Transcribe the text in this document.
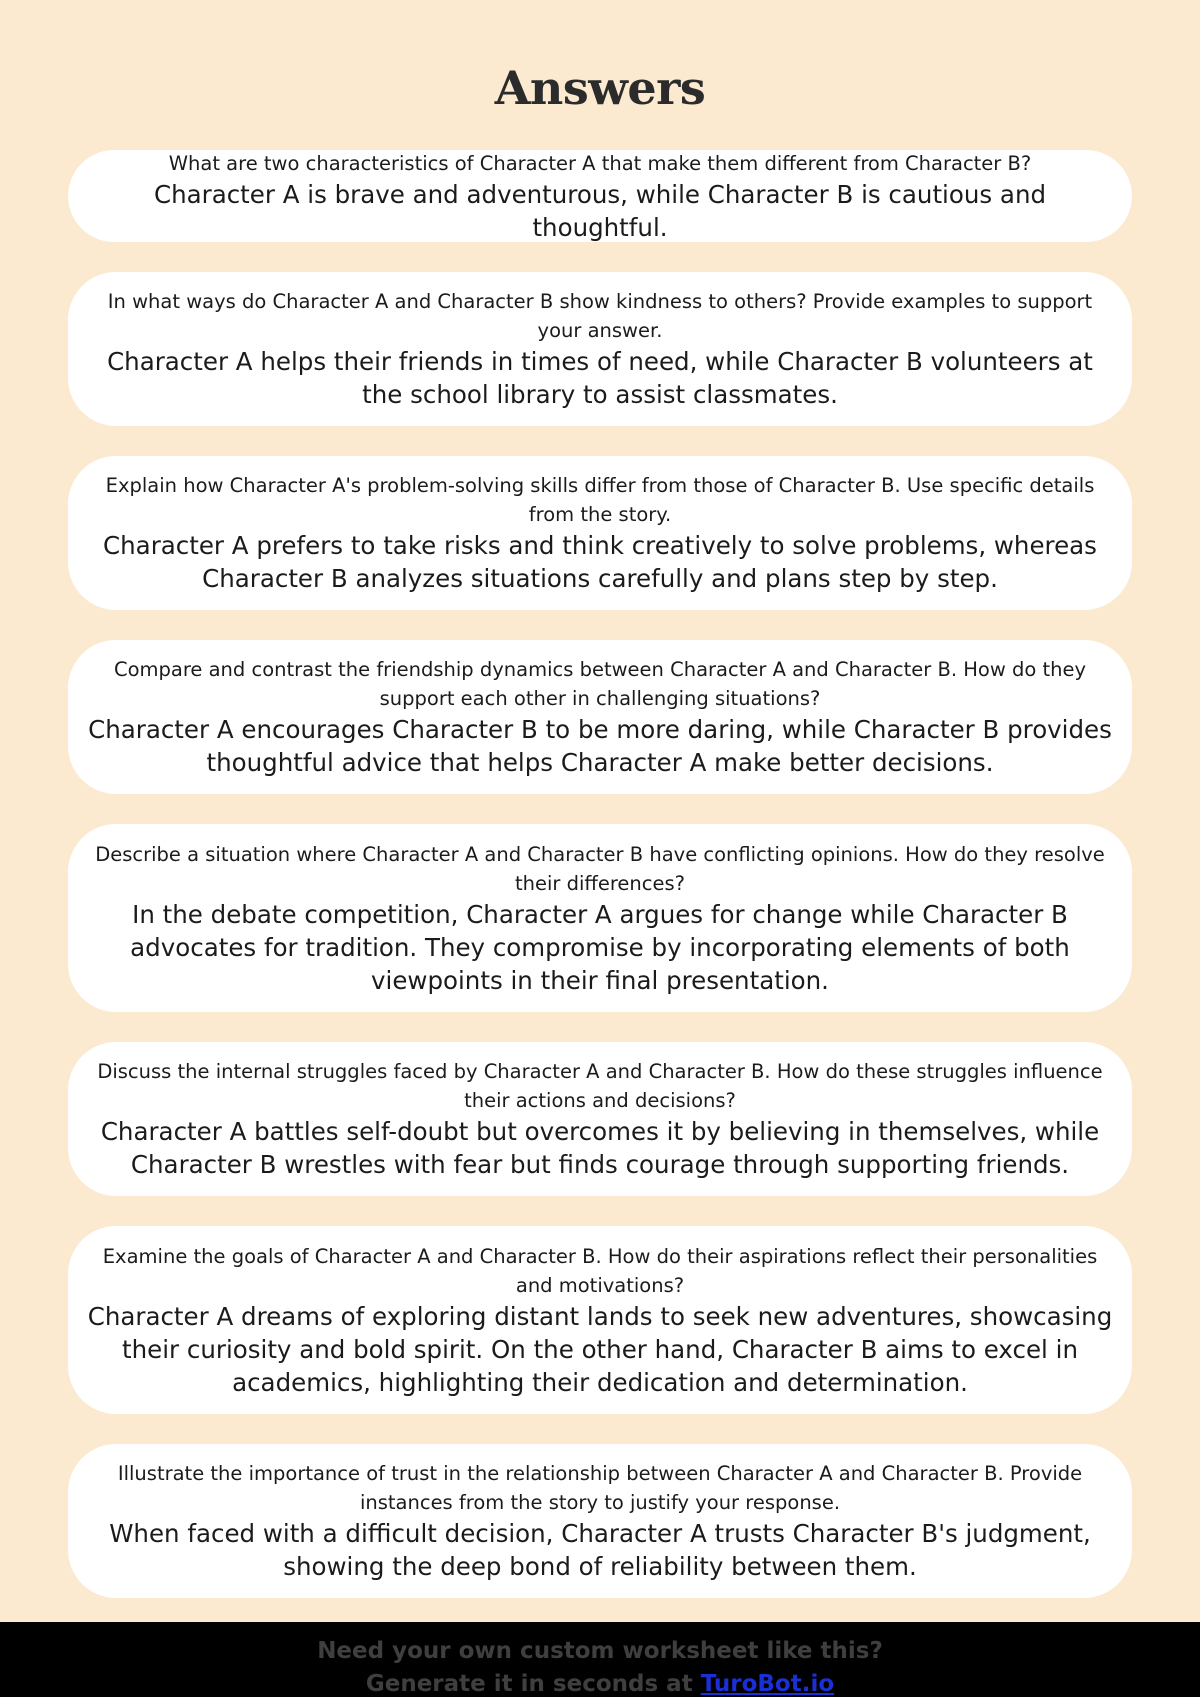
Answers
What are two characteristics of Character A that make them different from Character B?
Character A is brave and adventurous, while Character B is cautious and thoughtful.
In what ways do Character A and Character B show kindness to others? Provide examples to support your answer.
Character A helps their friends in times of need, while Character B volunteers at the school library to assist classmates.
Explain how Character A's problem-solving skills differ from those of Character B. Use specific details from the story.
Character A prefers to take risks and think creatively to solve problems, whereas Character B analyzes situations carefully and plans step by step.
Compare and contrast the friendship dynamics between Character A and Character B. How do they support each other in challenging situations?
Character A encourages Character B to be more daring, while Character B provides thoughtful advice that helps Character A make better decisions.
Describe a situation where Character A and Character B have conflicting opinions. How do they resolve their differences?
In the debate competition, Character A argues for change while Character B advocates for tradition. They compromise by incorporating elements of both viewpoints in their final presentation.
Discuss the internal struggles faced by Character A and Character B. How do these struggles influence their actions and decisions?
Character A battles self-doubt but overcomes it by believing in themselves, while Character B wrestles with fear but finds courage through supporting friends.
Examine the goals of Character A and Character B. How do their aspirations reflect their personalities and motivations?
Character A dreams of exploring distant lands to seek new adventures, showcasing their curiosity and bold spirit. On the other hand, Character B aims to excel in academics, highlighting their dedication and determination.
Illustrate the importance of trust in the relationship between Character A and Character B. Provide instances from the story to justify your response.
When faced with a difficult decision, Character A trusts Character B's judgment, showing the deep bond of reliability between them.
Need your own custom worksheet like this?
Generate it in seconds at TuroBot.io
